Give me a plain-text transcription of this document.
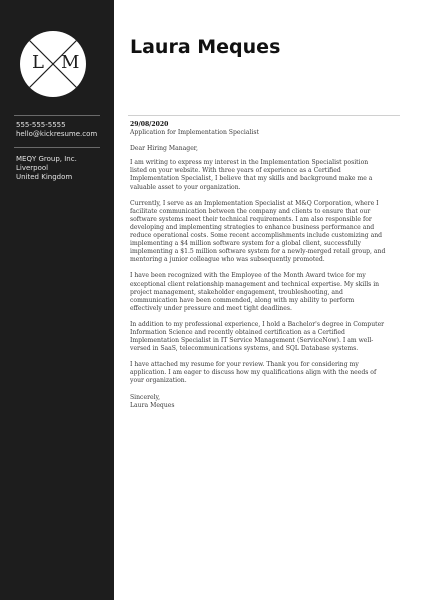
L M
555-555-5555
hello@kickresume.com
MEQY Group, Inc.
Liverpool
United Kingdom
Laura Meques
29/08/2020
Application for Implementation Specialist
Dear Hiring Manager,
I am writing to express my interest in the Implementation Specialist position
listed on your website. With three years of experience as a Certified
Implementation Specialist, I believe that my skills and background make me a
valuable asset to your organization.
Currently, I serve as an Implementation Specialist at M&Q Corporation, where I
facilitate communication between the company and clients to ensure that our
software systems meet their technical requirements. I am also responsible for
developing and implementing strategies to enhance business performance and
reduce operational costs. Some recent accomplishments include customizing and
implementing a $4 million software system for a global client, successfully
implementing a $1.5 million software system for a newly-merged retail group, and
mentoring a junior colleague who was subsequently promoted.
I have been recognized with the Employee of the Month Award twice for my
exceptional client relationship management and technical expertise. My skills in
project management, stakeholder engagement, troubleshooting, and
communication have been commended, along with my ability to perform
effectively under pressure and meet tight deadlines.
In addition to my professional experience, I hold a Bachelor's degree in Computer
Information Science and recently obtained certification as a Certified
Implementation Specialist in IT Service Management (ServiceNow). I am well-
versed in SaaS, telecommunications systems, and SQL Database systems.
I have attached my resume for your review. Thank you for considering my
application. I am eager to discuss how my qualifications align with the needs of
your organization.
Sincerely,
Laura Meques
